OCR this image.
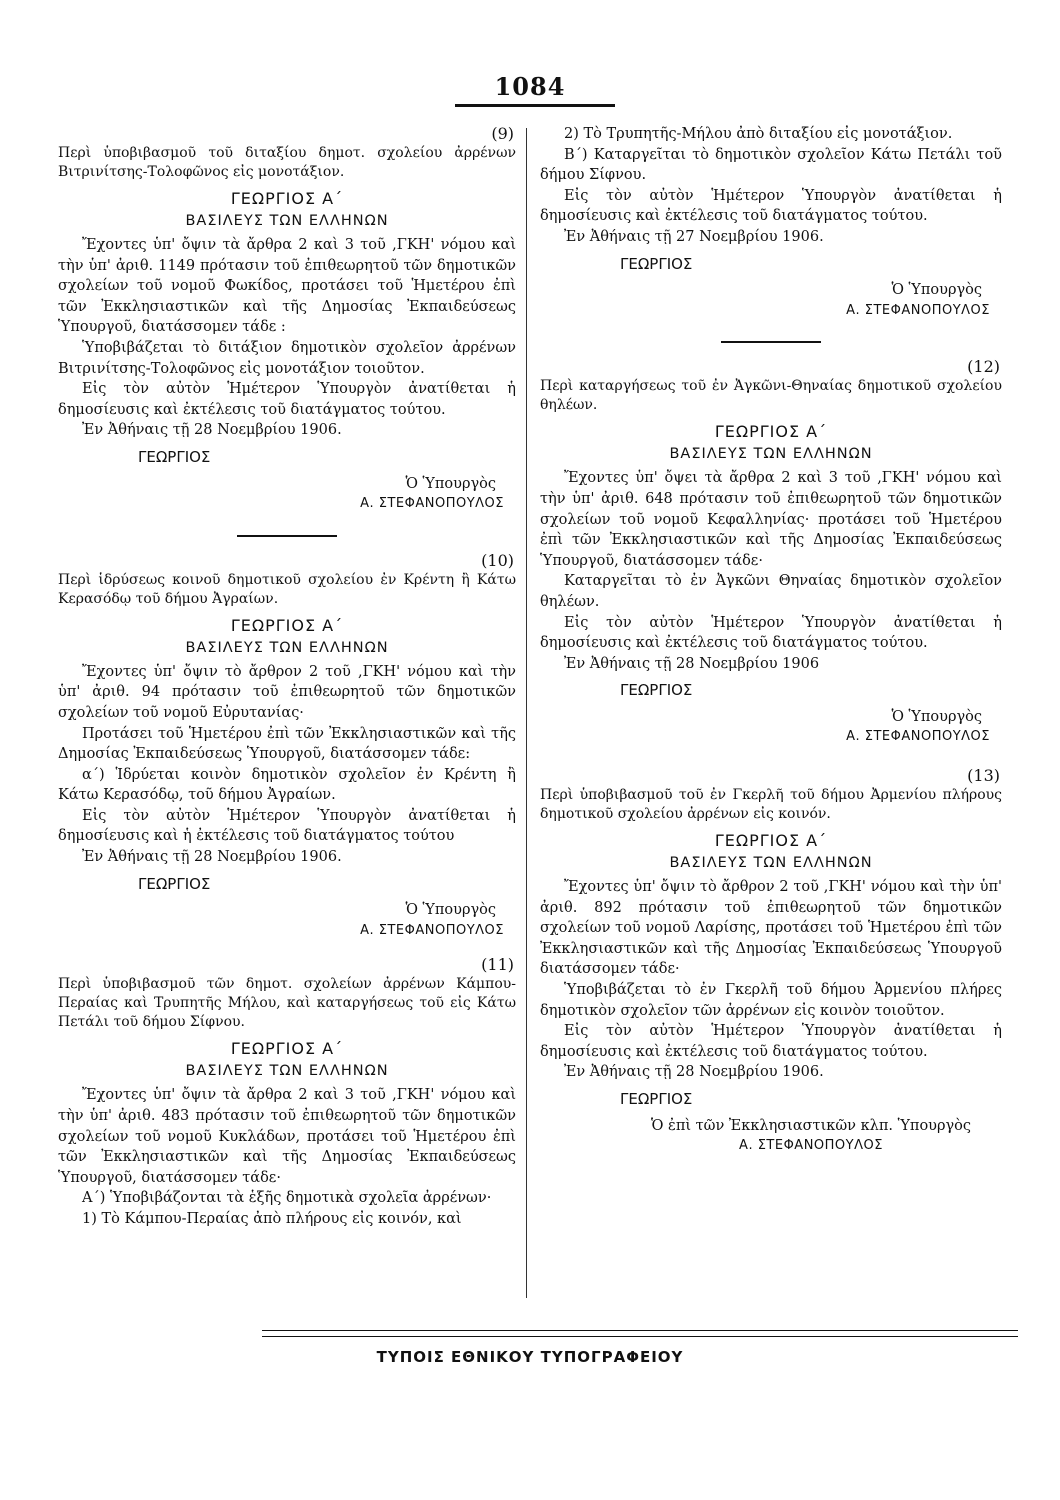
1084
(9)

Περὶ ὑποβιβασμοῦ τοῦ διταξίου δημοτ. σχολείου ἀρρένων Βιτρινίτσης-Τολοφῶνος εἰς μονοτάξιον.

ΓΕΩΡΓΙΟΣ Α΄
ΒΑΣΙΛΕΥΣ ΤΩΝ ΕΛΛΗΝΩΝ

Ἔχοντες ὑπ' ὄψιν τὰ ἄρθρα 2 καὶ 3 τοῦ ,ΓΚΗ' νόμου καὶ τὴν ὑπ' ἀριθ. 1149 πρότασιν τοῦ ἐπιθεωρητοῦ τῶν δημοτικῶν σχολείων τοῦ νομοῦ Φωκίδος, προτάσει τοῦ Ἡμετέρου ἐπὶ τῶν Ἐκκλησιαστικῶν καὶ τῆς Δημοσίας Ἐκπαιδεύσεως Ὑπουργοῦ, διατάσσομεν τάδε :

Ὑποβιβάζεται τὸ διτάξιον δημοτικὸν σχολεῖον ἀρρένων Βιτρινίτσης-Τολοφῶνος εἰς μονοτάξιον τοιοῦτον.

Εἰς τὸν αὐτὸν Ἡμέτερον Ὑπουργὸν ἀνατίθεται ἡ δημοσίευσις καὶ ἐκτέλεσις τοῦ διατάγματος τούτου.

Ἐν Ἀθήναις τῇ 28 Νοεμβρίου 1906.

ΓΕΩΡΓΙΟΣ
Ὁ Ὑπουργὸς
Α. ΣΤΕΦΑΝΟΠΟΥΛΟΣ
(10)

Περὶ ἱδρύσεως κοινοῦ δημοτικοῦ σχολείου ἐν Κρέντη ἢ Κάτω Κερασόδῳ τοῦ δήμου Ἀγραίων.

ΓΕΩΡΓΙΟΣ Α΄
ΒΑΣΙΛΕΥΣ ΤΩΝ ΕΛΛΗΝΩΝ

Ἔχοντες ὑπ' ὄψιν τὸ ἄρθρον 2 τοῦ ,ΓΚΗ' νόμου καὶ τὴν ὑπ' ἀριθ. 94 πρότασιν τοῦ ἐπιθεωρητοῦ τῶν δημοτικῶν σχολείων τοῦ νομοῦ Εὐρυτανίας·

Προτάσει τοῦ Ἡμετέρου ἐπὶ τῶν Ἐκκλησιαστικῶν καὶ τῆς Δημοσίας Ἐκπαιδεύσεως Ὑπουργοῦ, διατάσσομεν τάδε:

α΄) Ἱδρύεται κοινὸν δημοτικὸν σχολεῖον ἐν Κρέντη ἢ Κάτω Κερασόδῳ, τοῦ δήμου Ἀγραίων.

Εἰς τὸν αὐτὸν Ἡμέτερον Ὑπουργὸν ἀνατίθεται ἡ δημοσίευσις καὶ ἡ ἐκτέλεσις τοῦ διατάγματος τούτου

Ἐν Ἀθήναις τῇ 28 Νοεμβρίου 1906.

ΓΕΩΡΓΙΟΣ
Ὁ Ὑπουργὸς
Α. ΣΤΕΦΑΝΟΠΟΥΛΟΣ
(11)

Περὶ ὑποβιβασμοῦ τῶν δημοτ. σχολείων ἀρρένων Κάμπου-Περαίας καὶ Τρυπητῆς Μήλου, καὶ καταργήσεως τοῦ εἰς Κάτω Πετάλι τοῦ δήμου Σίφνου.

ΓΕΩΡΓΙΟΣ Α΄
ΒΑΣΙΛΕΥΣ ΤΩΝ ΕΛΛΗΝΩΝ

Ἔχοντες ὑπ' ὄψιν τὰ ἄρθρα 2 καὶ 3 τοῦ ,ΓΚΗ' νόμου καὶ τὴν ὑπ' ἀριθ. 483 πρότασιν τοῦ ἐπιθεωρητοῦ τῶν δημοτικῶν σχολείων τοῦ νομοῦ Κυκλάδων, προτάσει τοῦ Ἡμετέρου ἐπὶ τῶν Ἐκκλησιαστικῶν καὶ τῆς Δημοσίας Ἐκπαιδεύσεως Ὑπουργοῦ, διατάσσομεν τάδε·

Α΄) Ὑποβιβάζονται τὰ ἑξῆς δημοτικὰ σχολεῖα ἀρρένων·

1) Τὸ Κάμπου-Περαίας ἀπὸ πλήρους εἰς κοινόν, καὶ

2) Τὸ Τρυπητῆς-Μήλου ἀπὸ διταξίου εἰς μονοτάξιον.

Β΄) Καταργεῖται τὸ δημοτικὸν σχολεῖον Κάτω Πετάλι τοῦ δήμου Σίφνου.

Εἰς τὸν αὐτὸν Ἡμέτερον Ὑπουργὸν ἀνατίθεται ἡ δημοσίευσις καὶ ἐκτέλεσις τοῦ διατάγματος τούτου.

Ἐν Ἀθήναις τῇ 27 Νοεμβρίου 1906.

ΓΕΩΡΓΙΟΣ
Ὁ Ὑπουργὸς
Α. ΣΤΕΦΑΝΟΠΟΥΛΟΣ
(12)

Περὶ καταργήσεως τοῦ ἐν Ἀγκῶνι-Θηναίας δημοτικοῦ σχολείου θηλέων.

ΓΕΩΡΓΙΟΣ Α΄
ΒΑΣΙΛΕΥΣ ΤΩΝ ΕΛΛΗΝΩΝ

Ἔχοντες ὑπ' ὄψει τὰ ἄρθρα 2 καὶ 3 τοῦ ,ΓΚΗ' νόμου καὶ τὴν ὑπ' ἀριθ. 648 πρότασιν τοῦ ἐπιθεωρητοῦ τῶν δημοτικῶν σχολείων τοῦ νομοῦ Κεφαλληνίας· προτάσει τοῦ Ἡμετέρου ἐπὶ τῶν Ἐκκλησιαστικῶν καὶ τῆς Δημοσίας Ἐκπαιδεύσεως Ὑπουργοῦ, διατάσσομεν τάδε·

Καταργεῖται τὸ ἐν Ἀγκῶνι Θηναίας δημοτικὸν σχολεῖον θηλέων.

Εἰς τὸν αὐτὸν Ἡμέτερον Ὑπουργὸν ἀνατίθεται ἡ δημοσίευσις καὶ ἐκτέλεσις τοῦ διατάγματος τούτου.

Ἐν Ἀθήναις τῇ 28 Νοεμβρίου 1906

ΓΕΩΡΓΙΟΣ
Ὁ Ὑπουργὸς
Α. ΣΤΕΦΑΝΟΠΟΥΛΟΣ
(13)

Περὶ ὑποβιβασμοῦ τοῦ ἐν Γκερλῆ τοῦ δήμου Ἀρμενίου πλήρους δημοτικοῦ σχολείου ἀρρένων εἰς κοινόν.

ΓΕΩΡΓΙΟΣ Α΄
ΒΑΣΙΛΕΥΣ ΤΩΝ ΕΛΛΗΝΩΝ

Ἔχοντες ὑπ' ὄψιν τὸ ἄρθρον 2 τοῦ ,ΓΚΗ' νόμου καὶ τὴν ὑπ' ἀριθ. 892 πρότασιν τοῦ ἐπιθεωρητοῦ τῶν δημοτικῶν σχολείων τοῦ νομοῦ Λαρίσης, προτάσει τοῦ Ἡμετέρου ἐπὶ τῶν Ἐκκλησιαστικῶν καὶ τῆς Δημοσίας Ἐκπαιδεύσεως Ὑπουργοῦ διατάσσομεν τάδε·

Ὑποβιβάζεται τὸ ἐν Γκερλῆ τοῦ δήμου Ἀρμενίου πλήρες δημοτικὸν σχολεῖον τῶν ἀρρένων εἰς κοινὸν τοιοῦτον.

Εἰς τὸν αὐτὸν Ἡμέτερον Ὑπουργὸν ἀνατίθεται ἡ δημοσίευσις καὶ ἐκτέλεσις τοῦ διατάγματος τούτου.

Ἐν Ἀθήναις τῇ 28 Νοεμβρίου 1906.

ΓΕΩΡΓΙΟΣ
Ὁ ἐπὶ τῶν Ἐκκλησιαστικῶν κλπ. Ὑπουργὸς
Α. ΣΤΕΦΑΝΟΠΟΥΛΟΣ
ΤΥΠΟΙΣ ΕΘΝΙΚΟΥ ΤΥΠΟΓΡΑΦΕΙΟΥ
